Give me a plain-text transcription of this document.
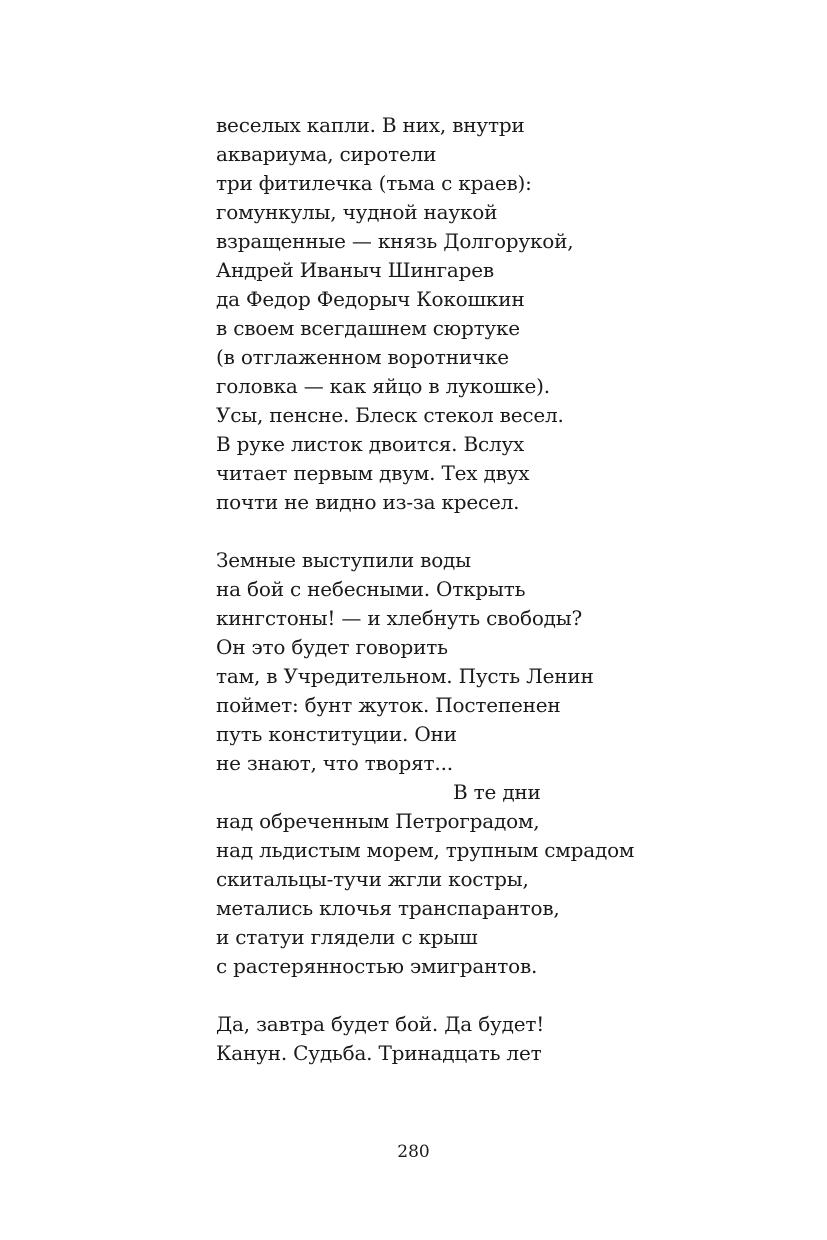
веселых капли. В них, внутри
аквариума, сиротели
три фитилечка (тьма с краев):
гомункулы, чудной наукой
взращенные — князь Долгорукой,
Андрей Иваныч Шингарев
да Федор Федорыч Кокошкин
в своем всегдашнем сюртуке
(в отглаженном воротничке
головка — как яйцо в лукошке).
Усы, пенсне. Блеск стекол весел.
В руке листок двоится. Вслух
читает первым двум. Тех двух
почти не видно из-за кресел.
Земные выступили воды
на бой с небесными. Открыть
кингстоны! — и хлебнуть свободы?
Он это будет говорить
там, в Учредительном. Пусть Ленин
поймет: бунт жуток. Постепенен
путь конституции. Они
не знают, что творят...
В те дни
над обреченным Петроградом,
над льдистым морем, трупным смрадом
скитальцы-тучи жгли костры,
метались клочья транспарантов,
и статуи глядели с крыш
с растерянностью эмигрантов.
Да, завтра будет бой. Да будет!
Канун. Судьба. Тринадцать лет
280
